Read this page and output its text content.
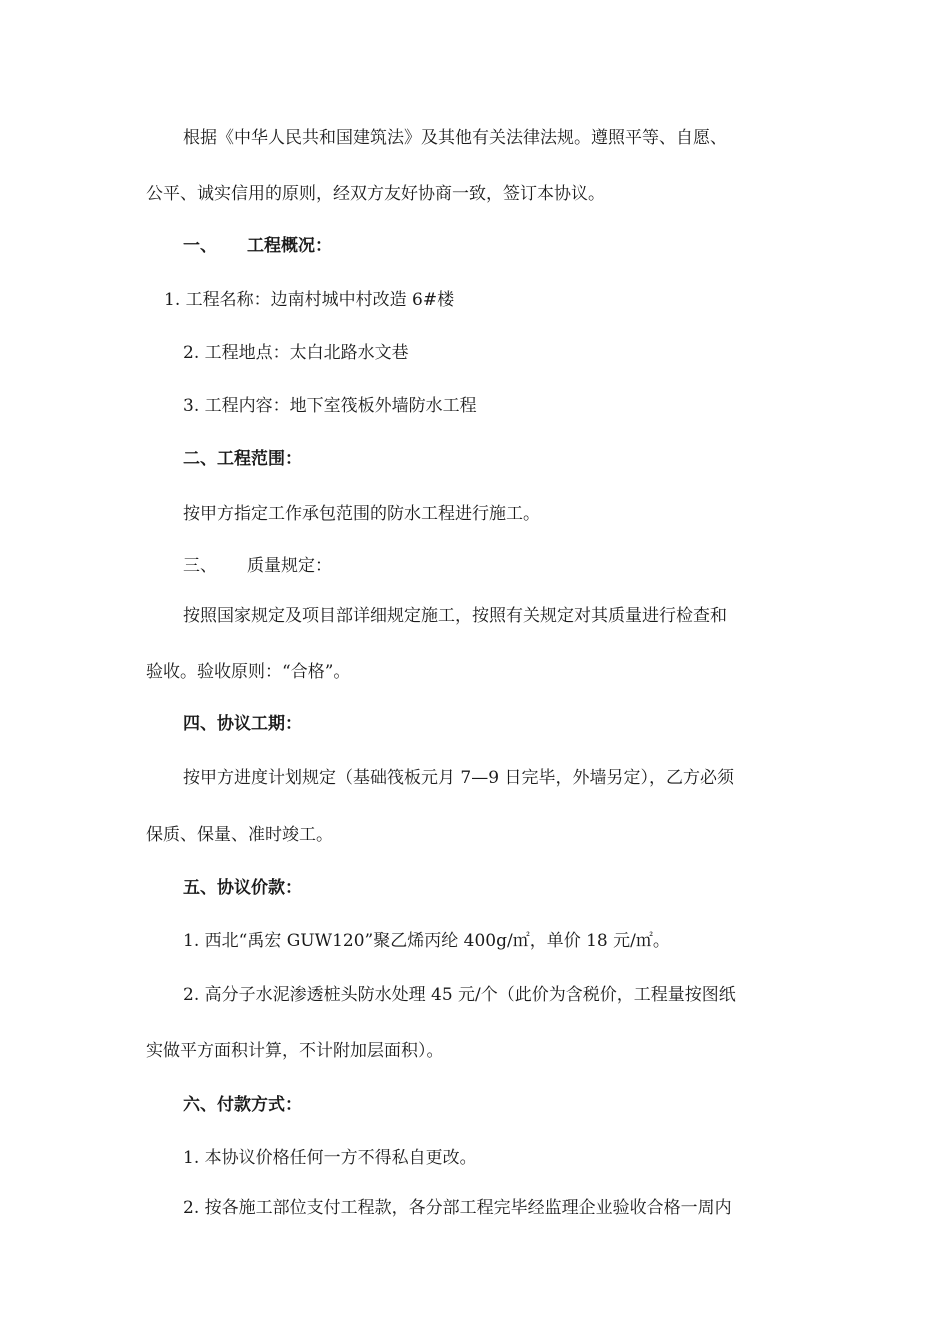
根据《中华人民共和国建筑法》及其他有关法律法规。遵照平等、自愿、

公平、诚实信用的原则，经双方友好协商一致，签订本协议。

一、 工程概况：

1. 工程名称：边南村城中村改造 6#楼

2. 工程地点：太白北路水文巷

3. 工程内容：地下室筏板外墙防水工程

二、工程范围：

按甲方指定工作承包范围的防水工程进行施工。

三、 质量规定：

按照国家规定及项目部详细规定施工，按照有关规定对其质量进行检查和

验收。验收原则：“合格”。

四、协议工期：

按甲方进度计划规定（基础筏板元月 7—9 日完毕，外墙另定），乙方必须

保质、保量、准时竣工。

五、协议价款：

1. 西北“禹宏 GUW120”聚乙烯丙纶 400g/㎡，单价 18 元/㎡。

2. 高分子水泥渗透桩头防水处理 45 元/个（此价为含税价，工程量按图纸

实做平方面积计算，不计附加层面积）。

六、付款方式：

1. 本协议价格任何一方不得私自更改。

2. 按各施工部位支付工程款，各分部工程完毕经监理企业验收合格一周内
